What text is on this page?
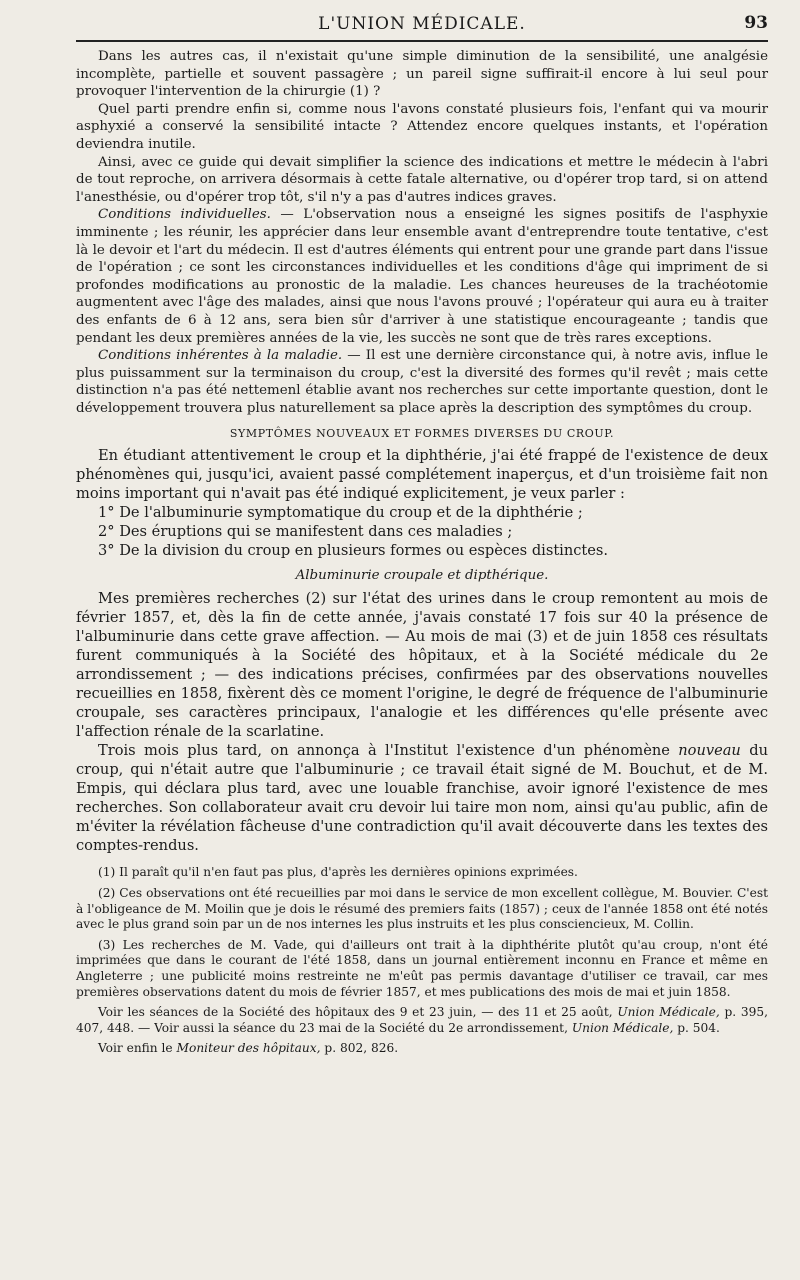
L'UNION MÉDICALE.	93

Dans les autres cas, il n'existait qu'une simple diminution de la sensibilité, une analgésie incomplète, partielle et souvent passagère ; un pareil signe suffirait-il encore à lui seul pour provoquer l'intervention de la chirurgie (1) ?

Quel parti prendre enfin si, comme nous l'avons constaté plusieurs fois, l'enfant qui va mourir asphyxié a conservé la sensibilité intacte ? Attendez encore quelques instants, et l'opération deviendra inutile.

Ainsi, avec ce guide qui devait simplifier la science des indications et mettre le médecin à l'abri de tout reproche, on arrivera désormais à cette fatale alternative, ou d'opérer trop tard, si on attend l'anesthésie, ou d'opérer trop tôt, s'il n'y a pas d'autres indices graves.

Conditions individuelles. — L'observation nous a enseigné les signes positifs de l'asphyxie imminente ; les réunir, les apprécier dans leur ensemble avant d'entreprendre toute tentative, c'est là le devoir et l'art du médecin. Il est d'autres éléments qui entrent pour une grande part dans l'issue de l'opération ; ce sont les circonstances individuelles et les conditions d'âge qui impriment de si profondes modifications au pronostic de la maladie. Les chances heureuses de la trachéotomie augmentent avec l'âge des malades, ainsi que nous l'avons prouvé ; l'opérateur qui aura eu à traiter des enfants de 6 à 12 ans, sera bien sûr d'arriver à une statistique encourageante ; tandis que pendant les deux premières années de la vie, les succès ne sont que de très rares exceptions.

Conditions inhérentes à la maladie. — Il est une dernière circonstance qui, à notre avis, influe le plus puissamment sur la terminaison du croup, c'est la diversité des formes qu'il revêt ; mais cette distinction n'a pas été nettemenl établie avant nos recherches sur cette importante question, dont le développement trouvera plus naturellement sa place après la description des symptômes du croup.

SYMPTÔMES NOUVEAUX ET FORMES DIVERSES DU CROUP.

En étudiant attentivement le croup et la diphthérie, j'ai été frappé de l'existence de deux phénomènes qui, jusqu'ici, avaient passé complétement inaperçus, et d'un troisième fait non moins important qui n'avait pas été indiqué explicitement, je veux parler :

1° De l'albuminurie symptomatique du croup et de la diphthérie ;

2° Des éruptions qui se manifestent dans ces maladies ;

3° De la division du croup en plusieurs formes ou espèces distinctes.

Albuminurie croupale et dipthérique.

Mes premières recherches (2) sur l'état des urines dans le croup remontent au mois de février 1857, et, dès la fin de cette année, j'avais constaté 17 fois sur 40 la présence de l'albuminurie dans cette grave affection. — Au mois de mai (3) et de juin 1858 ces résultats furent communiqués à la Société des hôpitaux, et à la Société médicale du 2e arrondissement ; — des indications précises, confirmées par des observations nouvelles recueillies en 1858, fixèrent dès ce moment l'origine, le degré de fréquence de l'albuminurie croupale, ses caractères principaux, l'analogie et les différences qu'elle présente avec l'affection rénale de la scarlatine.

Trois mois plus tard, on annonça à l'Institut l'existence d'un phénomène nouveau du croup, qui n'était autre que l'albuminurie ; ce travail était signé de M. Bouchut, et de M. Empis, qui déclara plus tard, avec une louable franchise, avoir ignoré l'existence de mes recherches. Son collaborateur avait cru devoir lui taire mon nom, ainsi qu'au public, afin de m'éviter la révélation fâcheuse d'une contradiction qu'il avait découverte dans les textes des comptes-rendus.

(1) Il paraît qu'il n'en faut pas plus, d'après les dernières opinions exprimées.

(2) Ces observations ont été recueillies par moi dans le service de mon excellent collègue, M. Bouvier. C'est à l'obligeance de M. Moilin que je dois le résumé des premiers faits (1857) ; ceux de l'année 1858 ont été notés avec le plus grand soin par un de nos internes les plus instruits et les plus consciencieux, M. Collin.

(3) Les recherches de M. Vade, qui d'ailleurs ont trait à la diphthérite plutôt qu'au croup, n'ont été imprimées que dans le courant de l'été 1858, dans un journal entièrement inconnu en France et même en Angleterre ; une publicité moins restreinte ne m'eût pas permis davantage d'utiliser ce travail, car mes premières observations datent du mois de février 1857, et mes publications des mois de mai et juin 1858.

Voir les séances de la Société des hôpitaux des 9 et 23 juin, — des 11 et 25 août, Union Médicale, p. 395, 407, 448. — Voir aussi la séance du 23 mai de la Société du 2e arrondissement, Union Médicale, p. 504.

Voir enfin le Moniteur des hôpitaux, p. 802, 826.
